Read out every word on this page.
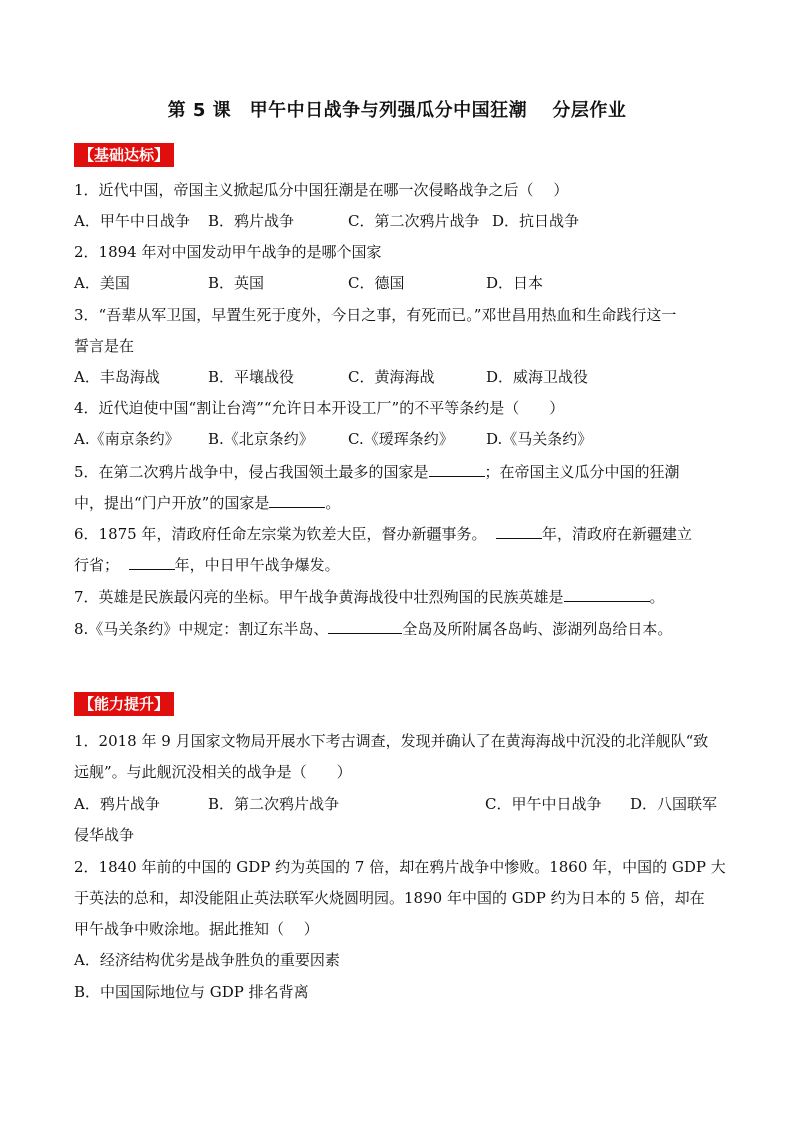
第 5 课　甲午中日战争与列强瓜分中国狂潮　 分层作业
【基础达标】
1．近代中国，帝国主义掀起瓜分中国狂潮是在哪一次侵略战争之后（　 ）
A．甲午中日战争 B．鸦片战争	C．第二次鸦片战争 D．抗日战争
2．1894 年对中国发动甲午战争的是哪个国家
A．美国	B．英国	C．德国	D．日本
3．“吾辈从军卫国，早置生死于度外，今日之事，有死而已。”邓世昌用热血和生命践行这一
誓言是在
A．丰岛海战	B．平壤战役	C．黄海海战	D．威海卫战役
4．近代迫使中国“割让台湾”“允许日本开设工厂”的不平等条约是（　　）
A.《南京条约》 B.《北京条约》 C.《瑷珲条约》 D.《马关条约》
5．在第二次鸦片战争中，侵占我国领土最多的国家是	；在帝国主义瓜分中国的狂潮
中，提出“门户开放”的国家是	。
6．1875 年，清政府任命左宗棠为钦差大臣，督办新疆事务。	年，清政府在新疆建立
行省；	年，中日甲午战争爆发。
7．英雄是民族最闪亮的坐标。甲午战争黄海战役中壮烈殉国的民族英雄是	。
8.《马关条约》中规定：割辽东半岛、	全岛及所附属各岛屿、澎湖列岛给日本。
【能力提升】
1．2018 年 9 月国家文物局开展水下考古调查，发现并确认了在黄海海战中沉没的北洋舰队“致
远舰”。与此舰沉没相关的战争是（　　）
A．鸦片战争	B．第二次鸦片战争	C．甲午中日战争 D．八国联军
侵华战争
2．1840 年前的中国的 GDP 约为英国的 7 倍，却在鸦片战争中惨败。1860 年，中国的 GDP 大
于英法的总和，却没能阻止英法联军火烧圆明园。1890 年中国的 GDP 约为日本的 5 倍，却在
甲午战争中败涂地。据此推知（　 ）
A．经济结构优劣是战争胜负的重要因素
B．中国国际地位与 GDP 排名背离
